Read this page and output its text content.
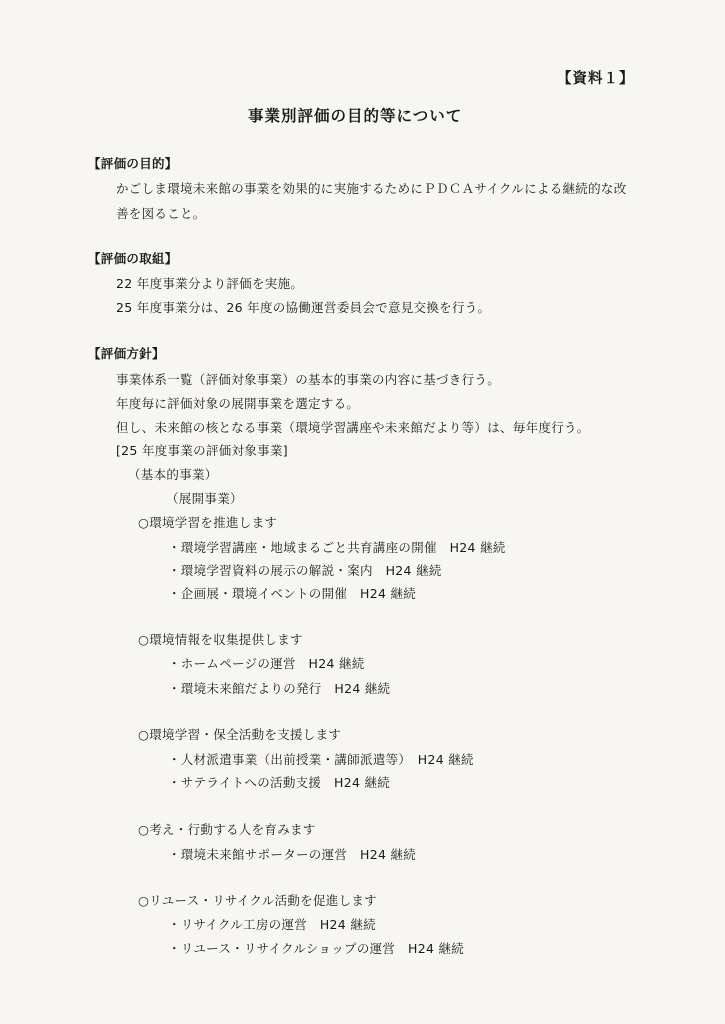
【資料１】
事業別評価の目的等について
【評価の目的】
かごしま環境未来館の事業を効果的に実施するためにＰＤＣＡサイクルによる継続的な改
善を図ること。
【評価の取組】
22 年度事業分より評価を実施。
25 年度事業分は、26 年度の協働運営委員会で意見交換を行う。
【評価方針】
事業体系一覧（評価対象事業）の基本的事業の内容に基づき行う。
年度毎に評価対象の展開事業を選定する。
但し、未来館の核となる事業（環境学習講座や未来館だより等）は、毎年度行う。
[25 年度事業の評価対象事業]
（基本的事業）
（展開事業）
○環境学習を推進します
・環境学習講座・地域まるごと共育講座の開催　H24 継続
・環境学習資料の展示の解説・案内　H24 継続
・企画展・環境イベントの開催　H24 継続
○環境情報を収集提供します
・ホームページの運営　H24 継続
・環境未来館だよりの発行　H24 継続
○環境学習・保全活動を支援します
・人材派遣事業（出前授業・講師派遣等）　H24 継続
・サテライトへの活動支援　H24 継続
○考え・行動する人を育みます
・環境未来館サポーターの運営　H24 継続
○リユース・リサイクル活動を促進します
・リサイクル工房の運営　H24 継続
・リユース・リサイクルショップの運営　H24 継続
